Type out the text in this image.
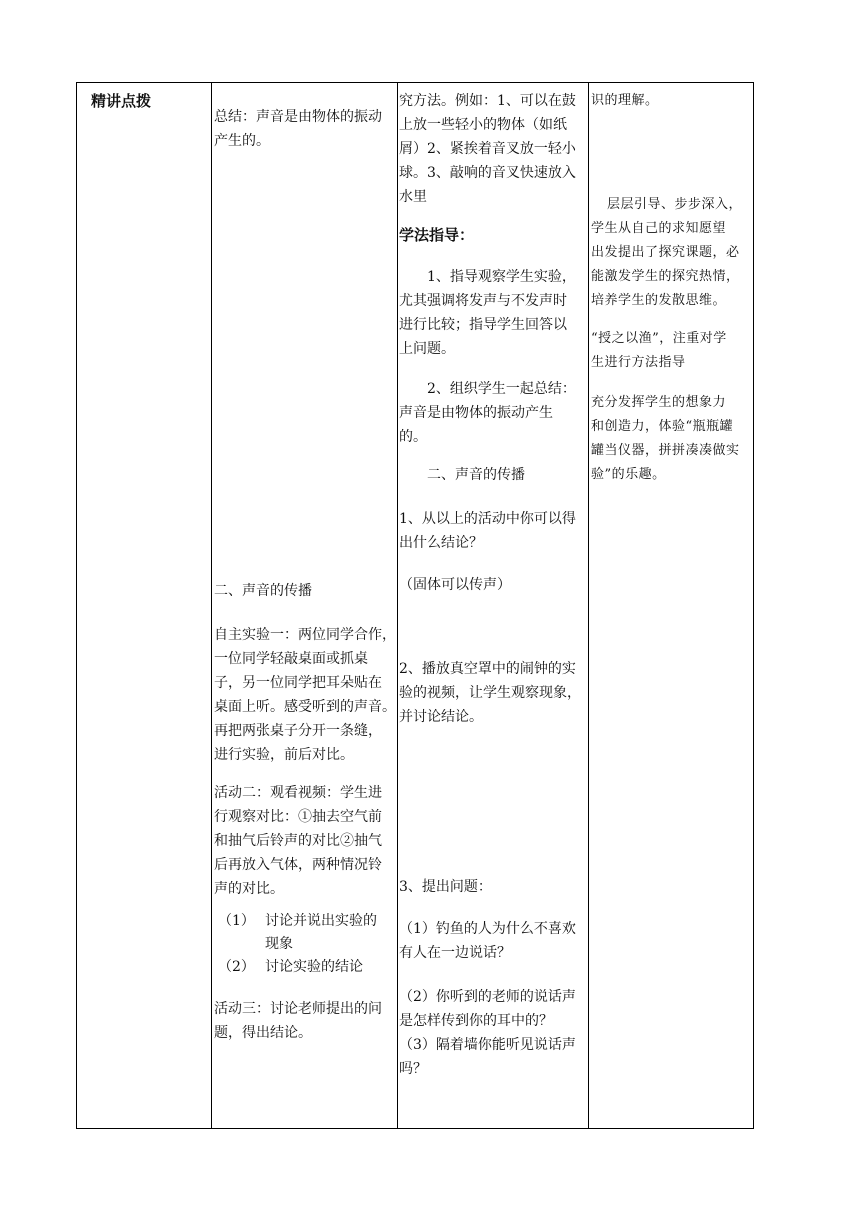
精讲点拨
总结：声音是由物体的振动
产生的。
二、声音的传播
自主实验一：两位同学合作，
一位同学轻敲桌面或抓桌
子，另一位同学把耳朵贴在
桌面上听。感受听到的声音。
再把两张桌子分开一条缝，
进行实验，前后对比。
活动二：观看视频：学生进
行观察对比：①抽去空气前
和抽气后铃声的对比②抽气
后再放入气体，两种情况铃
声的对比。
（1） 讨论并说出实验的
现象
（2） 讨论实验的结论
活动三：讨论老师提出的问
题，得出结论。
究方法。例如：1、可以在鼓
上放一些轻小的物体（如纸
屑）2、紧挨着音叉放一轻小
球。3、敲响的音叉快速放入
水里
学法指导：
1、指导观察学生实验，
尤其强调将发声与不发声时
进行比较；指导学生回答以
上问题。
2、组织学生一起总结：
声音是由物体的振动产生
的。
二、声音的传播
1、从以上的活动中你可以得
出什么结论？
（固体可以传声）
2、播放真空罩中的闹钟的实
验的视频，让学生观察现象，
并讨论结论。
3、提出问题：
（1）钓鱼的人为什么不喜欢
有人在一边说话？
（2）你听到的老师的说话声
是怎样传到你的耳中的？
（3）隔着墙你能听见说话声
吗？
识的理解。
层层引导、步步深入，
学生从自己的求知愿望
出发提出了探究课题，必
能激发学生的探究热情，
培养学生的发散思维。
“授之以渔”，注重对学
生进行方法指导
充分发挥学生的想象力
和创造力，体验“瓶瓶罐
罐当仪器，拼拼凑凑做实
验”的乐趣。
